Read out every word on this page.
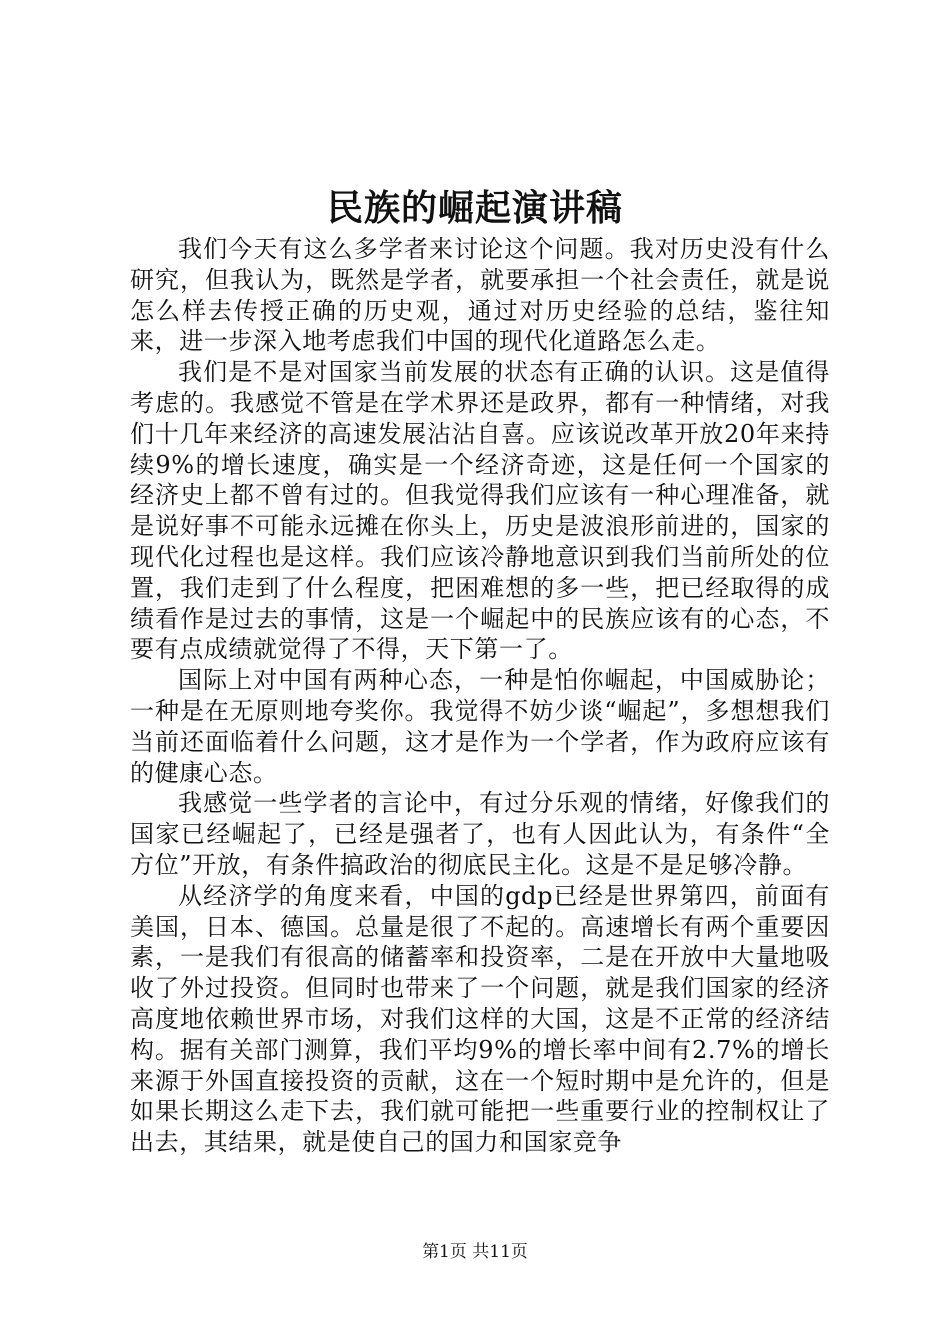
民族的崛起演讲稿

我们今天有这么多学者来讨论这个问题。我对历史没有什么研究，但我认为，既然是学者，就要承担一个社会责任，就是说怎么样去传授正确的历史观，通过对历史经验的总结，鉴往知来，进一步深入地考虑我们中国的现代化道路怎么走。

我们是不是对国家当前发展的状态有正确的认识。这是值得考虑的。我感觉不管是在学术界还是政界，都有一种情绪，对我们十几年来经济的高速发展沾沾自喜。应该说改革开放20年来持续9%的增长速度，确实是一个经济奇迹，这是任何一个国家的经济史上都不曾有过的。但我觉得我们应该有一种心理准备，就是说好事不可能永远摊在你头上，历史是波浪形前进的，国家的现代化过程也是这样。我们应该冷静地意识到我们当前所处的位置，我们走到了什么程度，把困难想的多一些，把已经取得的成绩看作是过去的事情，这是一个崛起中的民族应该有的心态，不要有点成绩就觉得了不得，天下第一了。

国际上对中国有两种心态，一种是怕你崛起，中国威胁论；一种是在无原则地夸奖你。我觉得不妨少谈“崛起”，多想想我们当前还面临着什么问题，这才是作为一个学者，作为政府应该有的健康心态。

我感觉一些学者的言论中，有过分乐观的情绪，好像我们的国家已经崛起了，已经是强者了，也有人因此认为，有条件“全方位”开放，有条件搞政治的彻底民主化。这是不是足够冷静。

从经济学的角度来看，中国的gdp已经是世界第四，前面有美国，日本、德国。总量是很了不起的。高速增长有两个重要因素，一是我们有很高的储蓄率和投资率，二是在开放中大量地吸收了外过投资。但同时也带来了一个问题，就是我们国家的经济高度地依赖世界市场，对我们这样的大国，这是不正常的经济结构。据有关部门测算，我们平均9%的增长率中间有2.7%的增长来源于外国直接投资的贡献，这在一个短时期中是允许的，但是如果长期这么走下去，我们就可能把一些重要行业的控制权让了出去，其结果，就是使自己的国力和国家竞争

第1页 共11页
